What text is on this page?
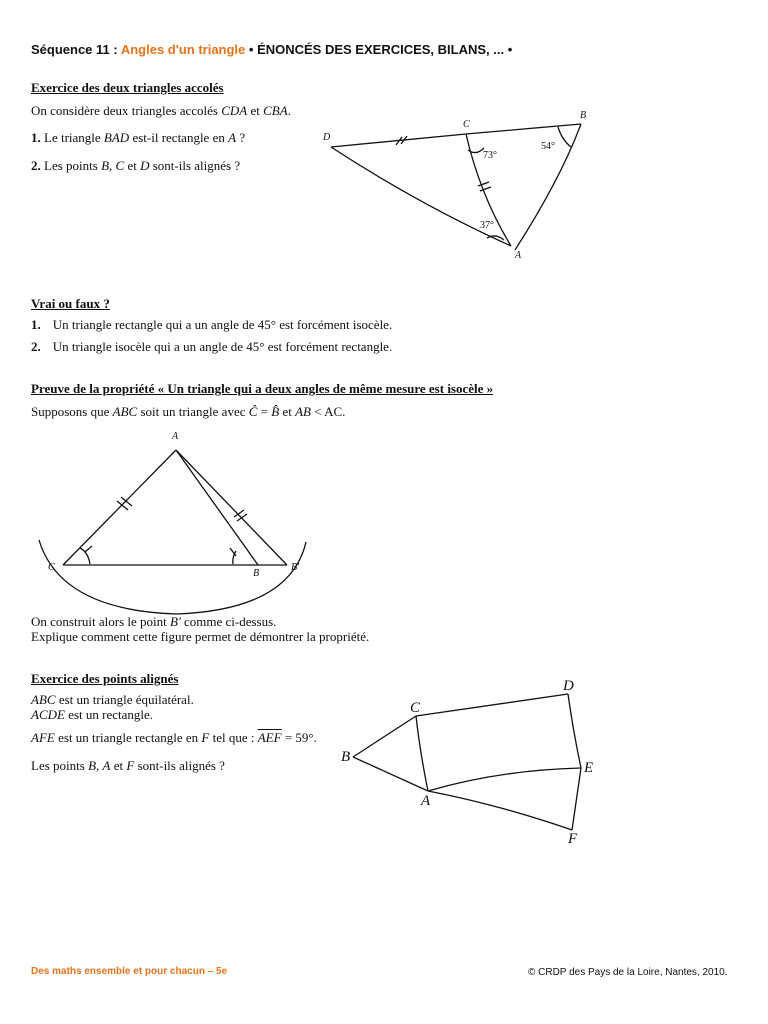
Séquence 11 : Angles d'un triangle • ÉNONCÉS DES EXERCICES, BILANS, ... •
Exercice des deux triangles accolés
On considère deux triangles accolés CDA et CBA.
1. Le triangle BAD est-il rectangle en A ?
2. Les points B, C et D sont-ils alignés ?
Vrai ou faux ?
1. Un triangle rectangle qui a un angle de 45° est forcément isocèle.
2. Un triangle isocèle qui a un angle de 45° est forcément rectangle.
Preuve de la propriété « Un triangle qui a deux angles de même mesure est isocèle »
Supposons que ABC soit un triangle avec Ĉ = B̂ et AB < AC.
On construit alors le point B' comme ci-dessus.
Explique comment cette figure permet de démontrer la propriété.
Exercice des points alignés
ABC est un triangle équilatéral.
ACDE est un rectangle.
AFE est un triangle rectangle en F tel que : $\overline{AEF} = 59^\circ$.
Les points B, A et F sont-ils alignés ?
D
C
B
A
73°
54°
37°
A
C
B
B'
C
D
B
E
A
F
Des maths ensemble et pour chacun – 5e	© CRDP des Pays de la Loire, Nantes, 2010.
